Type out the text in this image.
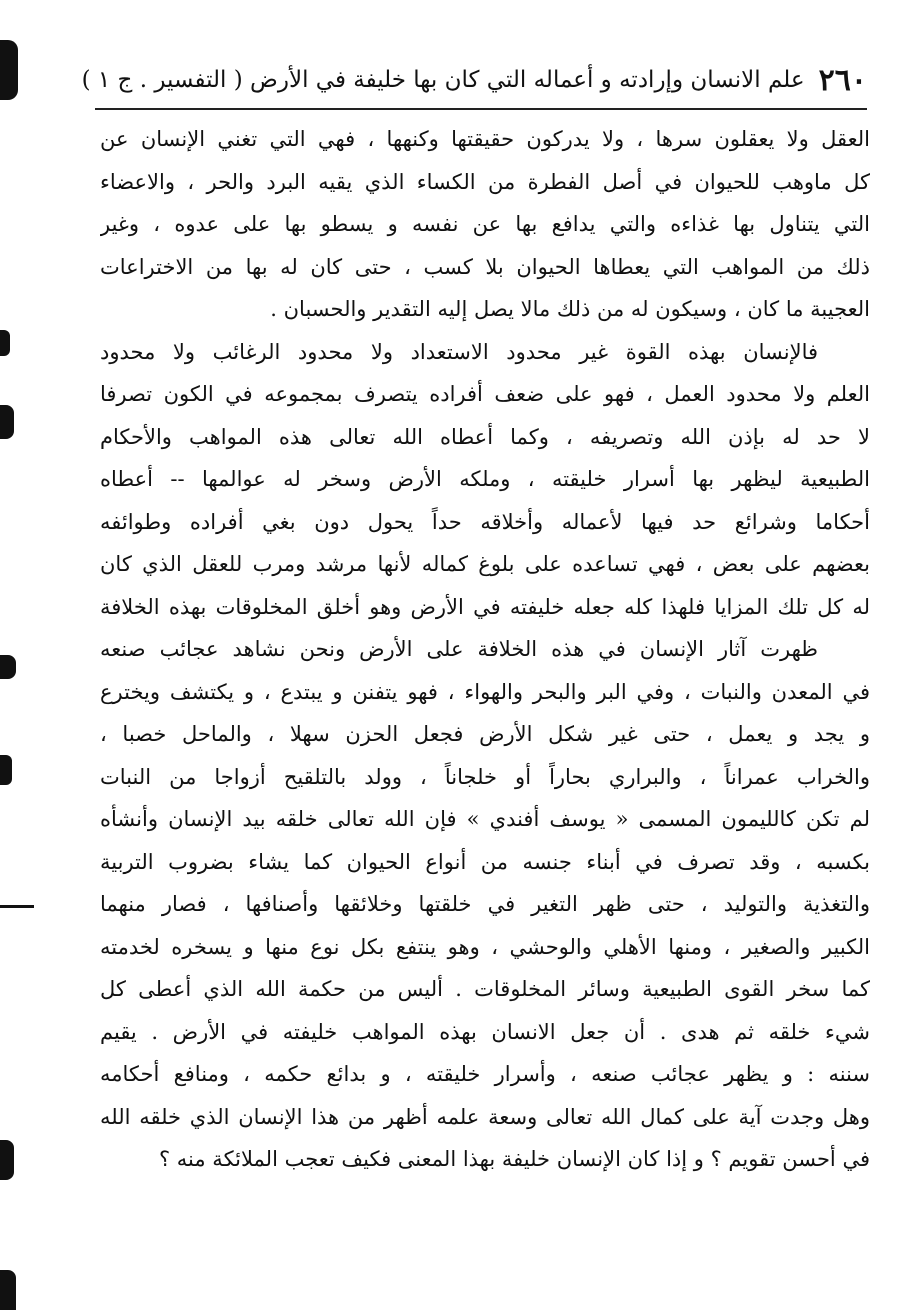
٢٦٠
علم الانسان وإرادته و أعماله التي كان بها خليفة في الأرض ( التفسير . ج ١ )
العقل ولا يعقلون سرها ، ولا يدركون حقيقتها وكنهها ، فهي التي تغني الإنسان عن
كل ماوهب للحيوان في أصل الفطرة من الكساء الذي يقيه البرد والحر ، والاعضاء
التي يتناول بها غذاءه والتي يدافع بها عن نفسه و يسطو بها على عدوه ، وغير
ذلك من المواهب التي يعطاها الحيوان بلا كسب ، حتى كان له بها من الاختراعات
العجيبة ما كان ، وسيكون له من ذلك مالا يصل إليه التقدير والحسبان .
فالإنسان بهذه القوة غير محدود الاستعداد ولا محدود الرغائب ولا محدود
العلم ولا محدود العمل ، فهو على ضعف أفراده يتصرف بمجموعه في الكون تصرفا
لا حد له بإذن الله وتصريفه ، وكما أعطاه الله تعالى هذه المواهب والأحكام
الطبيعية ليظهر بها أسرار خليقته ، وملكه الأرض وسخر له عوالمها -- أعطاه
أحكاما وشرائع حد فيها لأعماله وأخلاقه حداً يحول دون بغي أفراده وطوائفه
بعضهم على بعض ، فهي تساعده على بلوغ كماله لأنها مرشد ومرب للعقل الذي كان
له كل تلك المزايا فلهذا كله جعله خليفته في الأرض وهو أخلق المخلوقات بهذه الخلافة
ظهرت آثار الإنسان في هذه الخلافة على الأرض ونحن نشاهد عجائب صنعه
في المعدن والنبات ، وفي البر والبحر والهواء ، فهو يتفنن و يبتدع ، و يكتشف ويخترع
و يجد و يعمل ، حتى غير شكل الأرض فجعل الحزن سهلا ، والماحل خصبا ،
والخراب عمراناً ، والبراري بحاراً أو خلجاناً ، وولد بالتلقيح أزواجا من النبات
لم تكن كالليمون المسمى « يوسف أفندي » فإن الله تعالى خلقه بيد الإنسان وأنشأه
بكسبه ، وقد تصرف في أبناء جنسه من أنواع الحيوان كما يشاء بضروب التربية
والتغذية والتوليد ، حتى ظهر التغير في خلقتها وخلائقها وأصنافها ، فصار منهما
الكبير والصغير ، ومنها الأهلي والوحشي ، وهو ينتفع بكل نوع منها و يسخره لخدمته
كما سخر القوى الطبيعية وسائر المخلوقات . أليس من حكمة الله الذي أعطى كل
شيء خلقه ثم هدى . أن جعل الانسان بهذه المواهب خليفته في الأرض . يقيم
سننه : و يظهر عجائب صنعه ، وأسرار خليقته ، و بدائع حكمه ، ومنافع أحكامه
وهل وجدت آية على كمال الله تعالى وسعة علمه أظهر من هذا الإنسان الذي خلقه الله
في أحسن تقويم ؟ و إذا كان الإنسان خليفة بهذا المعنى فكيف تعجب الملائكة منه ؟
